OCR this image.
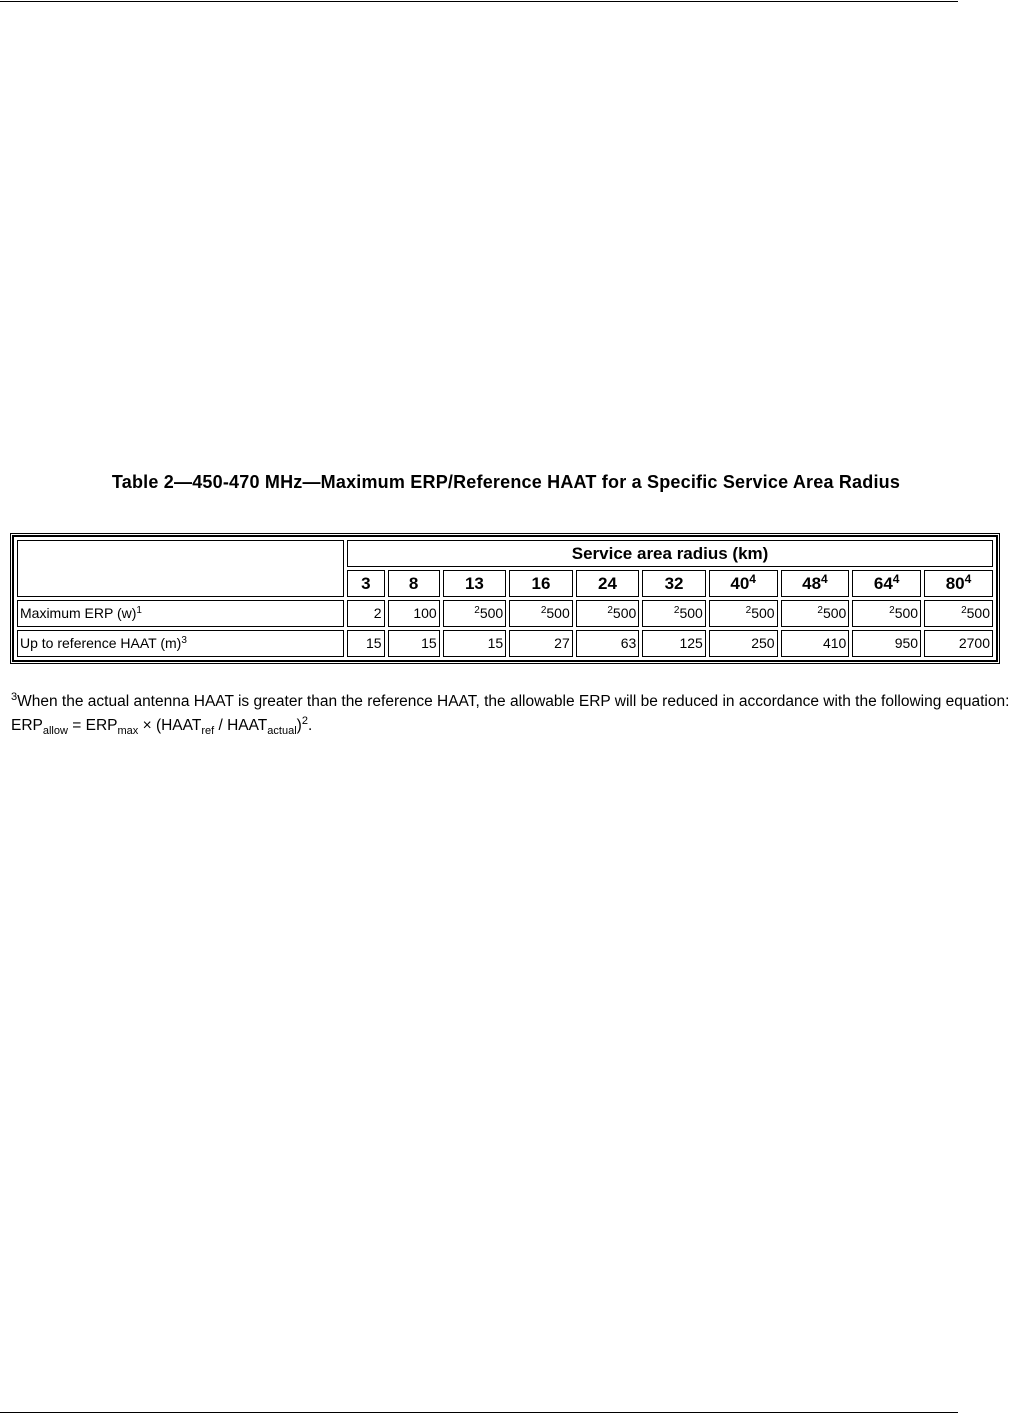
Table 2—450-470 MHz—Maximum ERP/Reference HAAT for a Specific Service Area Radius
	Service area radius (km)									
	3	8	13	16	24	32	$40^4$	$48^4$	$64^4$	$80^4$
Maximum ERP $(w)^1$	2	100	$^2$500	$^2$500	$^2$500	$^2$500	$^2$500	$^2$500	$^2$500	$^2$500
Up to reference HAAT $(m)^3$	15	15	15	27	63	125	250	410	950	2700
$^3$When the actual antenna HAAT is greater than the reference HAAT, the allowable ERP will be reduced in accordance with the following equation: $ERP_{allow} = ERP_{max}$ × ($HAAT_{ref}$ / $HAAT_{actual})^2$.
